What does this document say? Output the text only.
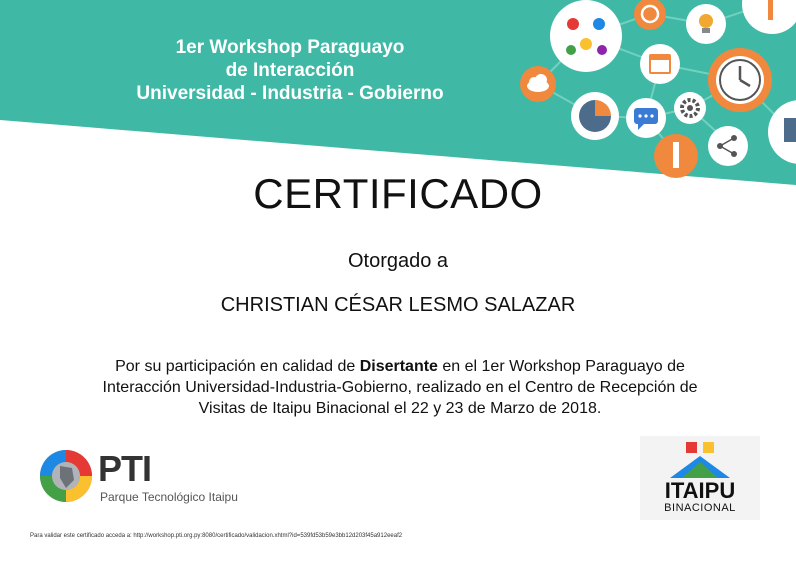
1er Workshop Paraguayo
de Interacción
Universidad - Industria - Gobierno
CERTIFICADO
Otorgado a
CHRISTIAN CÉSAR LESMO SALAZAR
Por su participación en calidad de Disertante en el 1er Workshop Paraguayo de Interacción Universidad-Industria-Gobierno, realizado en el Centro de Recepción de Visitas de Itaipu Binacional el 22 y 23 de Marzo de 2018.
PTI
Parque Tecnológico Itaipu	ITAIPU
BINACIONAL
Para validar este certificado acceda a: http://workshop.pti.org.py:8080/certificado/validacion.xhtml?id=539fd53b59e3bb12d203f45a912eeaf2
